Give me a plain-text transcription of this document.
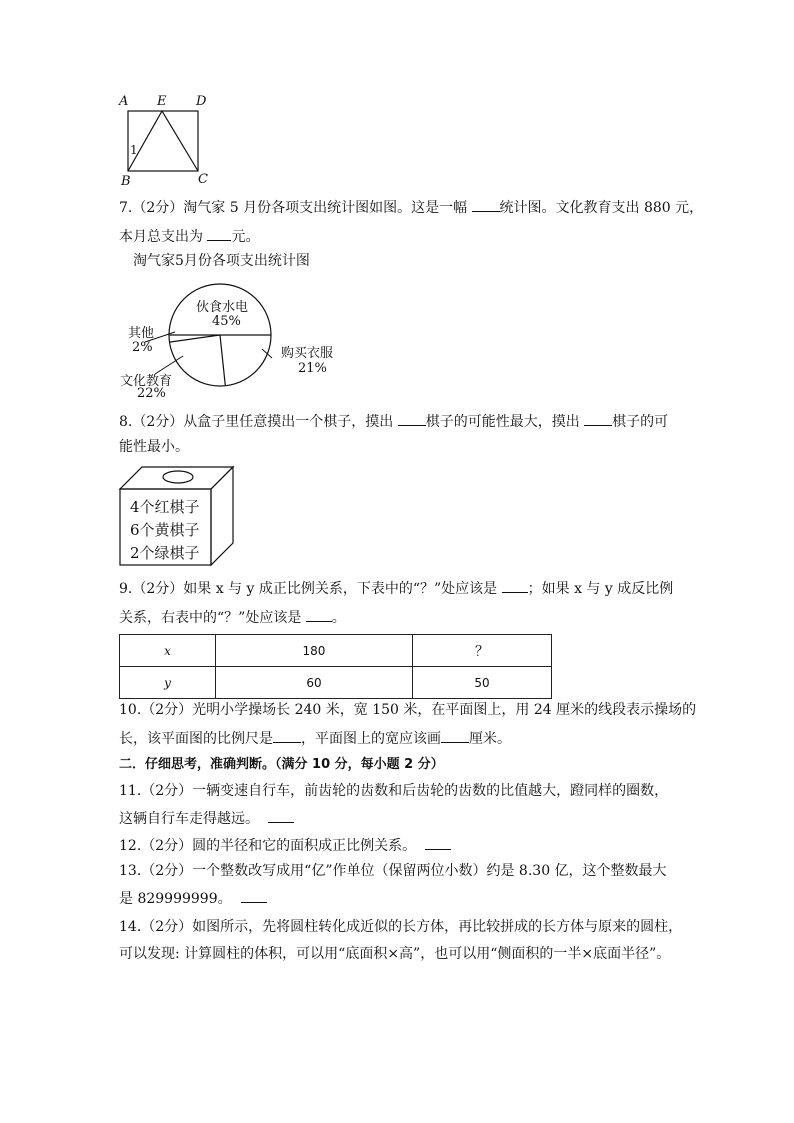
A E D
B	C
1
7.（2分）淘气家 5 月份各项支出统计图如图。这是一幅 统计图。文化教育支出 880 元，
本月总支出为 元。
淘气家5月份各项支出统计图
伙食水电
45%
购买衣服
21%
文化教育
22%
其他
2%
8.（2分）从盒子里任意摸出一个棋子，摸出 棋子的可能性最大，摸出 棋子的可
能性最小。
4个红棋子
6个黄棋子
2个绿棋子
9.（2分）如果 x 与 y 成正比例关系，下表中的“？”处应该是 ；如果 x 与 y 成反比例
关系，右表中的“？”处应该是 。
x	180	？
y	60	50
10.（2分）光明小学操场长 240 米，宽 150 米，在平面图上，用 24 厘米的线段表示操场的
长，该平面图的比例尺是 ，平面图上的宽应该画 厘米。
二．仔细思考，准确判断。（满分 10 分，每小题 2 分）
11.（2分）一辆变速自行车，前齿轮的齿数和后齿轮的齿数的比值越大，蹬同样的圈数，
这辆自行车走得越远。
12.（2分）圆的半径和它的面积成正比例关系。
13.（2分）一个整数改写成用“亿”作单位（保留两位小数）约是 8.30 亿，这个整数最大
是 829999999。
14.（2分）如图所示，先将圆柱转化成近似的长方体，再比较拼成的长方体与原来的圆柱，
可以发现: 计算圆柱的体积，可以用“底面积×高”，也可以用“侧面积的一半×底面半径”。
